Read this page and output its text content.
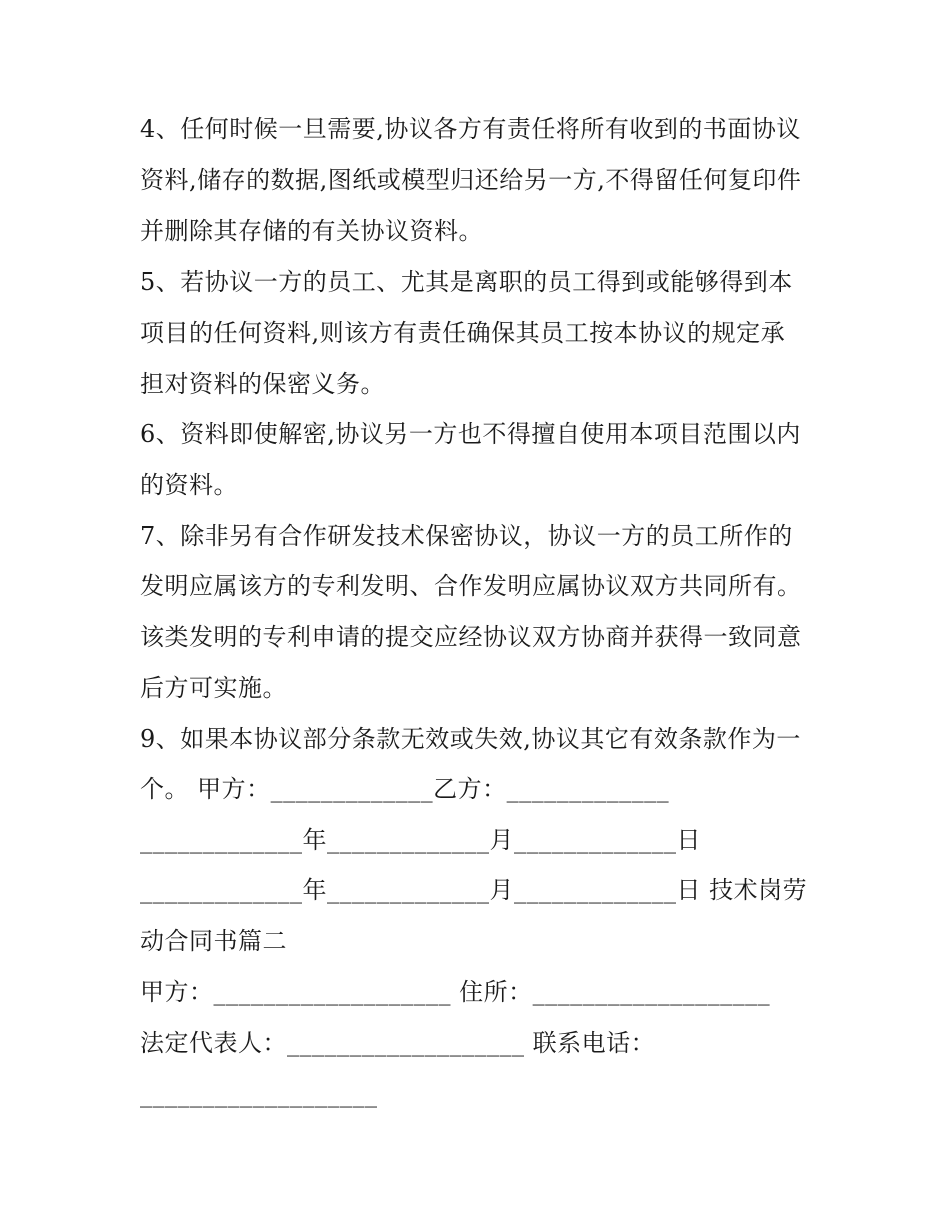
4、任何时候一旦需要,协议各方有责任将所有收到的书面协议
资料,储存的数据,图纸或模型归还给另一方,不得留任何复印件
并删除其存储的有关协议资料。
5、若协议一方的员工、尤其是离职的员工得到或能够得到本
项目的任何资料,则该方有责任确保其员工按本协议的规定承
担对资料的保密义务。
6、资料即使解密,协议另一方也不得擅自使用本项目范围以内
的资料。
7、除非另有合作研发技术保密协议，协议一方的员工所作的
发明应属该方的专利发明、合作发明应属协议双方共同所有。
该类发明的专利申请的提交应经协议双方协商并获得一致同意
后方可实施。
9、如果本协议部分条款无效或失效,协议其它有效条款作为一
个。 甲方：_____________乙方：_____________
_____________年_____________月_____________日
_____________年_____________月_____________日 技术岗劳
动合同书篇二
甲方：___________________ 住所：___________________
法定代表人：___________________ 联系电话：
___________________
